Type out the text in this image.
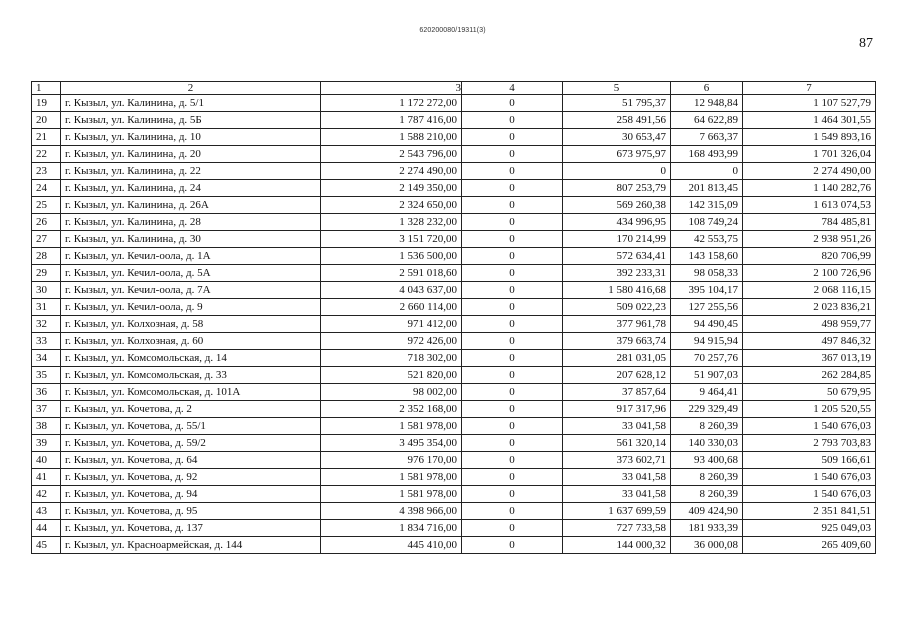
620200080/19311(3)
87
1	2	3	4	5	6	7
19	г. Кызыл, ул. Калинина, д. 5/1	1 172 272,00	0	51 795,37	12 948,84	1 107 527,79
20	г. Кызыл, ул. Калинина, д. 5Б	1 787 416,00	0	258 491,56	64 622,89	1 464 301,55
21	г. Кызыл, ул. Калинина, д. 10	1 588 210,00	0	30 653,47	7 663,37	1 549 893,16
22	г. Кызыл, ул. Калинина, д. 20	2 543 796,00	0	673 975,97	168 493,99	1 701 326,04
23	г. Кызыл, ул. Калинина, д. 22	2 274 490,00	0	0	0	2 274 490,00
24	г. Кызыл, ул. Калинина, д. 24	2 149 350,00	0	807 253,79	201 813,45	1 140 282,76
25	г. Кызыл, ул. Калинина, д. 26А	2 324 650,00	0	569 260,38	142 315,09	1 613 074,53
26	г. Кызыл, ул. Калинина, д. 28	1 328 232,00	0	434 996,95	108 749,24	784 485,81
27	г. Кызыл, ул. Калинина, д. 30	3 151 720,00	0	170 214,99	42 553,75	2 938 951,26
28	г. Кызыл, ул. Кечил-оола, д. 1А	1 536 500,00	0	572 634,41	143 158,60	820 706,99
29	г. Кызыл, ул. Кечил-оола, д. 5А	2 591 018,60	0	392 233,31	98 058,33	2 100 726,96
30	г. Кызыл, ул. Кечил-оола, д. 7А	4 043 637,00	0	1 580 416,68	395 104,17	2 068 116,15
31	г. Кызыл, ул. Кечил-оола, д. 9	2 660 114,00	0	509 022,23	127 255,56	2 023 836,21
32	г. Кызыл, ул. Колхозная, д. 58	971 412,00	0	377 961,78	94 490,45	498 959,77
33	г. Кызыл, ул. Колхозная, д. 60	972 426,00	0	379 663,74	94 915,94	497 846,32
34	г. Кызыл, ул. Комсомольская, д. 14	718 302,00	0	281 031,05	70 257,76	367 013,19
35	г. Кызыл, ул. Комсомольская, д. 33	521 820,00	0	207 628,12	51 907,03	262 284,85
36	г. Кызыл, ул. Комсомольская, д. 101А	98 002,00	0	37 857,64	9 464,41	50 679,95
37	г. Кызыл, ул. Кочетова, д. 2	2 352 168,00	0	917 317,96	229 329,49	1 205 520,55
38	г. Кызыл, ул. Кочетова, д. 55/1	1 581 978,00	0	33 041,58	8 260,39	1 540 676,03
39	г. Кызыл, ул. Кочетова, д. 59/2	3 495 354,00	0	561 320,14	140 330,03	2 793 703,83
40	г. Кызыл, ул. Кочетова, д. 64	976 170,00	0	373 602,71	93 400,68	509 166,61
41	г. Кызыл, ул. Кочетова, д. 92	1 581 978,00	0	33 041,58	8 260,39	1 540 676,03
42	г. Кызыл, ул. Кочетова, д. 94	1 581 978,00	0	33 041,58	8 260,39	1 540 676,03
43	г. Кызыл, ул. Кочетова, д. 95	4 398 966,00	0	1 637 699,59	409 424,90	2 351 841,51
44	г. Кызыл, ул. Кочетова, д. 137	1 834 716,00	0	727 733,58	181 933,39	925 049,03
45	г. Кызыл, ул. Красноармейская, д. 144	445 410,00	0	144 000,32	36 000,08	265 409,60
